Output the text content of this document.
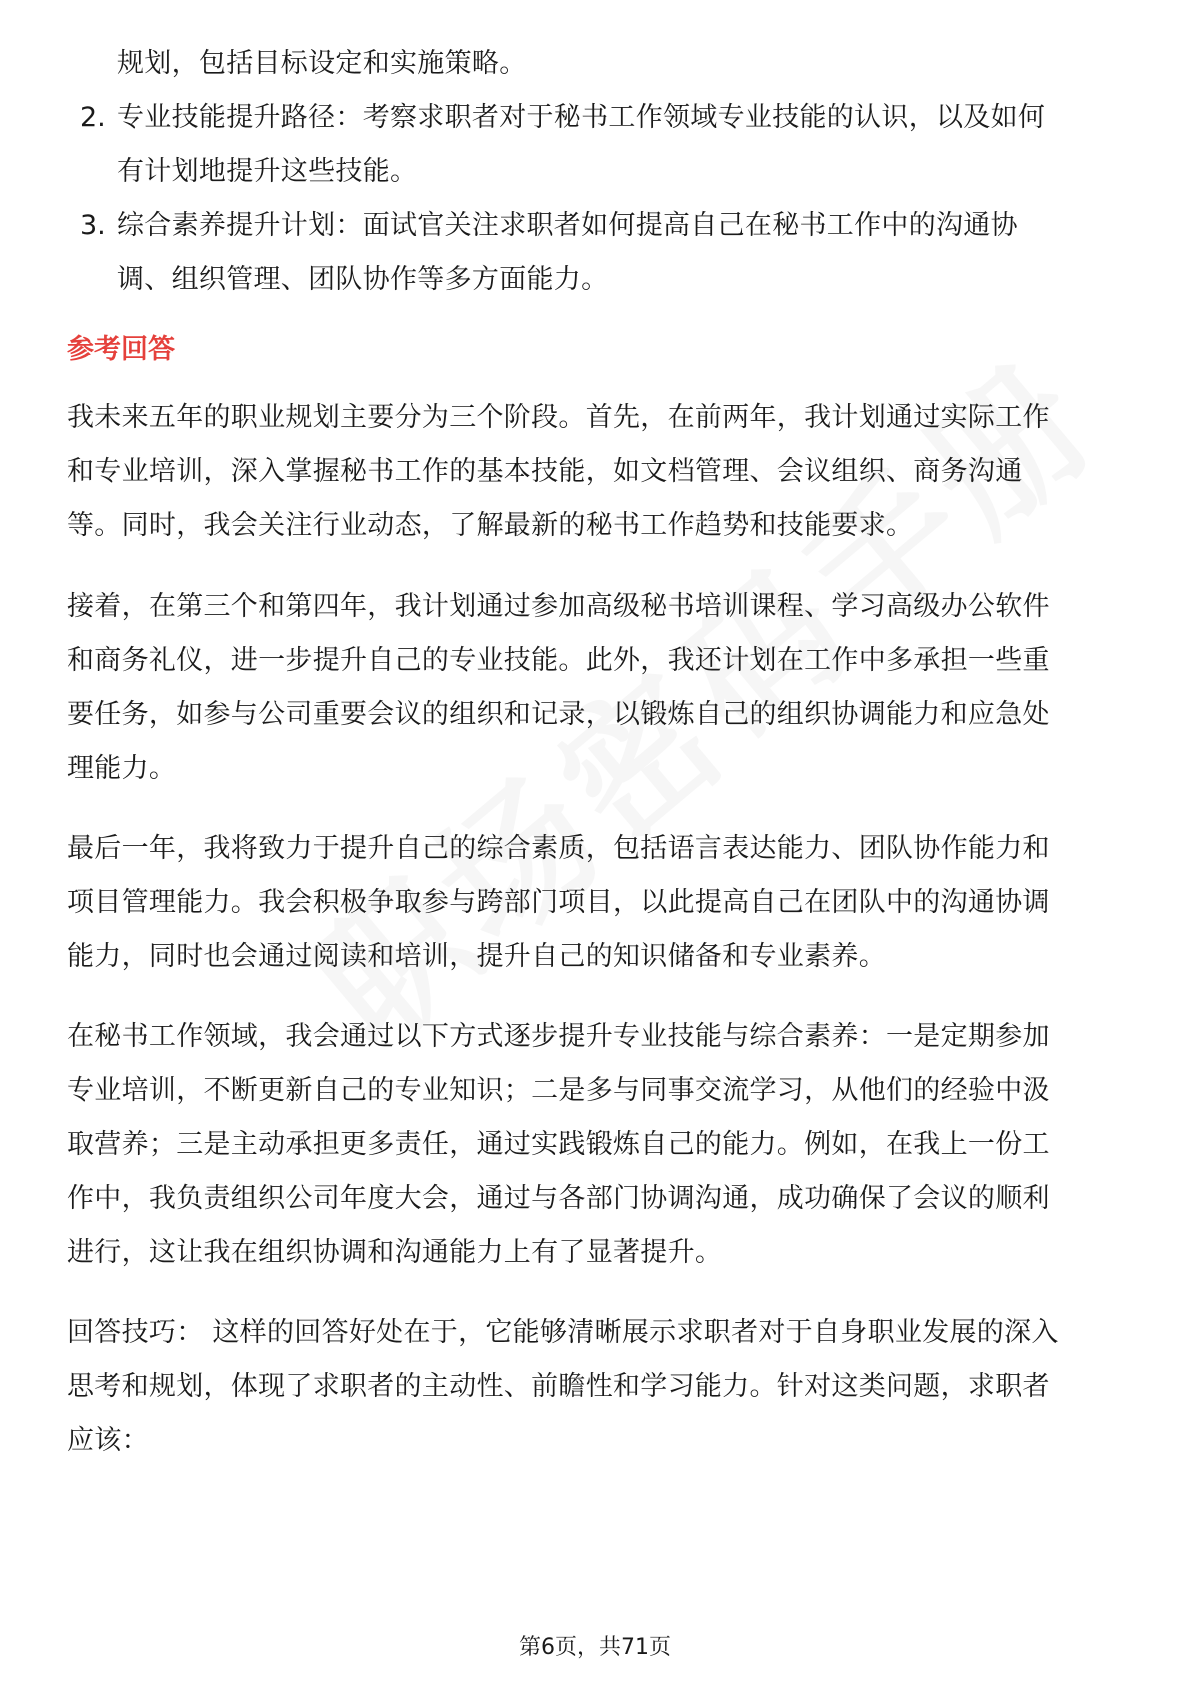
规划，包括目标设定和实施策略。
2. 专业技能提升路径：考察求职者对于秘书工作领域专业技能的认识，以及如何
有计划地提升这些技能。
3. 综合素养提升计划：面试官关注求职者如何提高自己在秘书工作中的沟通协
调、组织管理、团队协作等多方面能力。
参考回答
我未来五年的职业规划主要分为三个阶段。首先，在前两年，我计划通过实际工作
和专业培训，深入掌握秘书工作的基本技能，如文档管理、会议组织、商务沟通
等。同时，我会关注行业动态，了解最新的秘书工作趋势和技能要求。
接着，在第三个和第四年，我计划通过参加高级秘书培训课程、学习高级办公软件
和商务礼仪，进一步提升自己的专业技能。此外，我还计划在工作中多承担一些重
要任务，如参与公司重要会议的组织和记录，以锻炼自己的组织协调能力和应急处
理能力。
最后一年，我将致力于提升自己的综合素质，包括语言表达能力、团队协作能力和
项目管理能力。我会积极争取参与跨部门项目，以此提高自己在团队中的沟通协调
能力，同时也会通过阅读和培训，提升自己的知识储备和专业素养。
在秘书工作领域，我会通过以下方式逐步提升专业技能与综合素养：一是定期参加
专业培训，不断更新自己的专业知识；二是多与同事交流学习，从他们的经验中汲
取营养；三是主动承担更多责任，通过实践锻炼自己的能力。例如，在我上一份工
作中，我负责组织公司年度大会，通过与各部门协调沟通，成功确保了会议的顺利
进行，这让我在组织协调和沟通能力上有了显著提升。
回答技巧： 这样的回答好处在于，它能够清晰展示求职者对于自身职业发展的深入
思考和规划，体现了求职者的主动性、前瞻性和学习能力。针对这类问题，求职者
应该：
第6页，共71页
